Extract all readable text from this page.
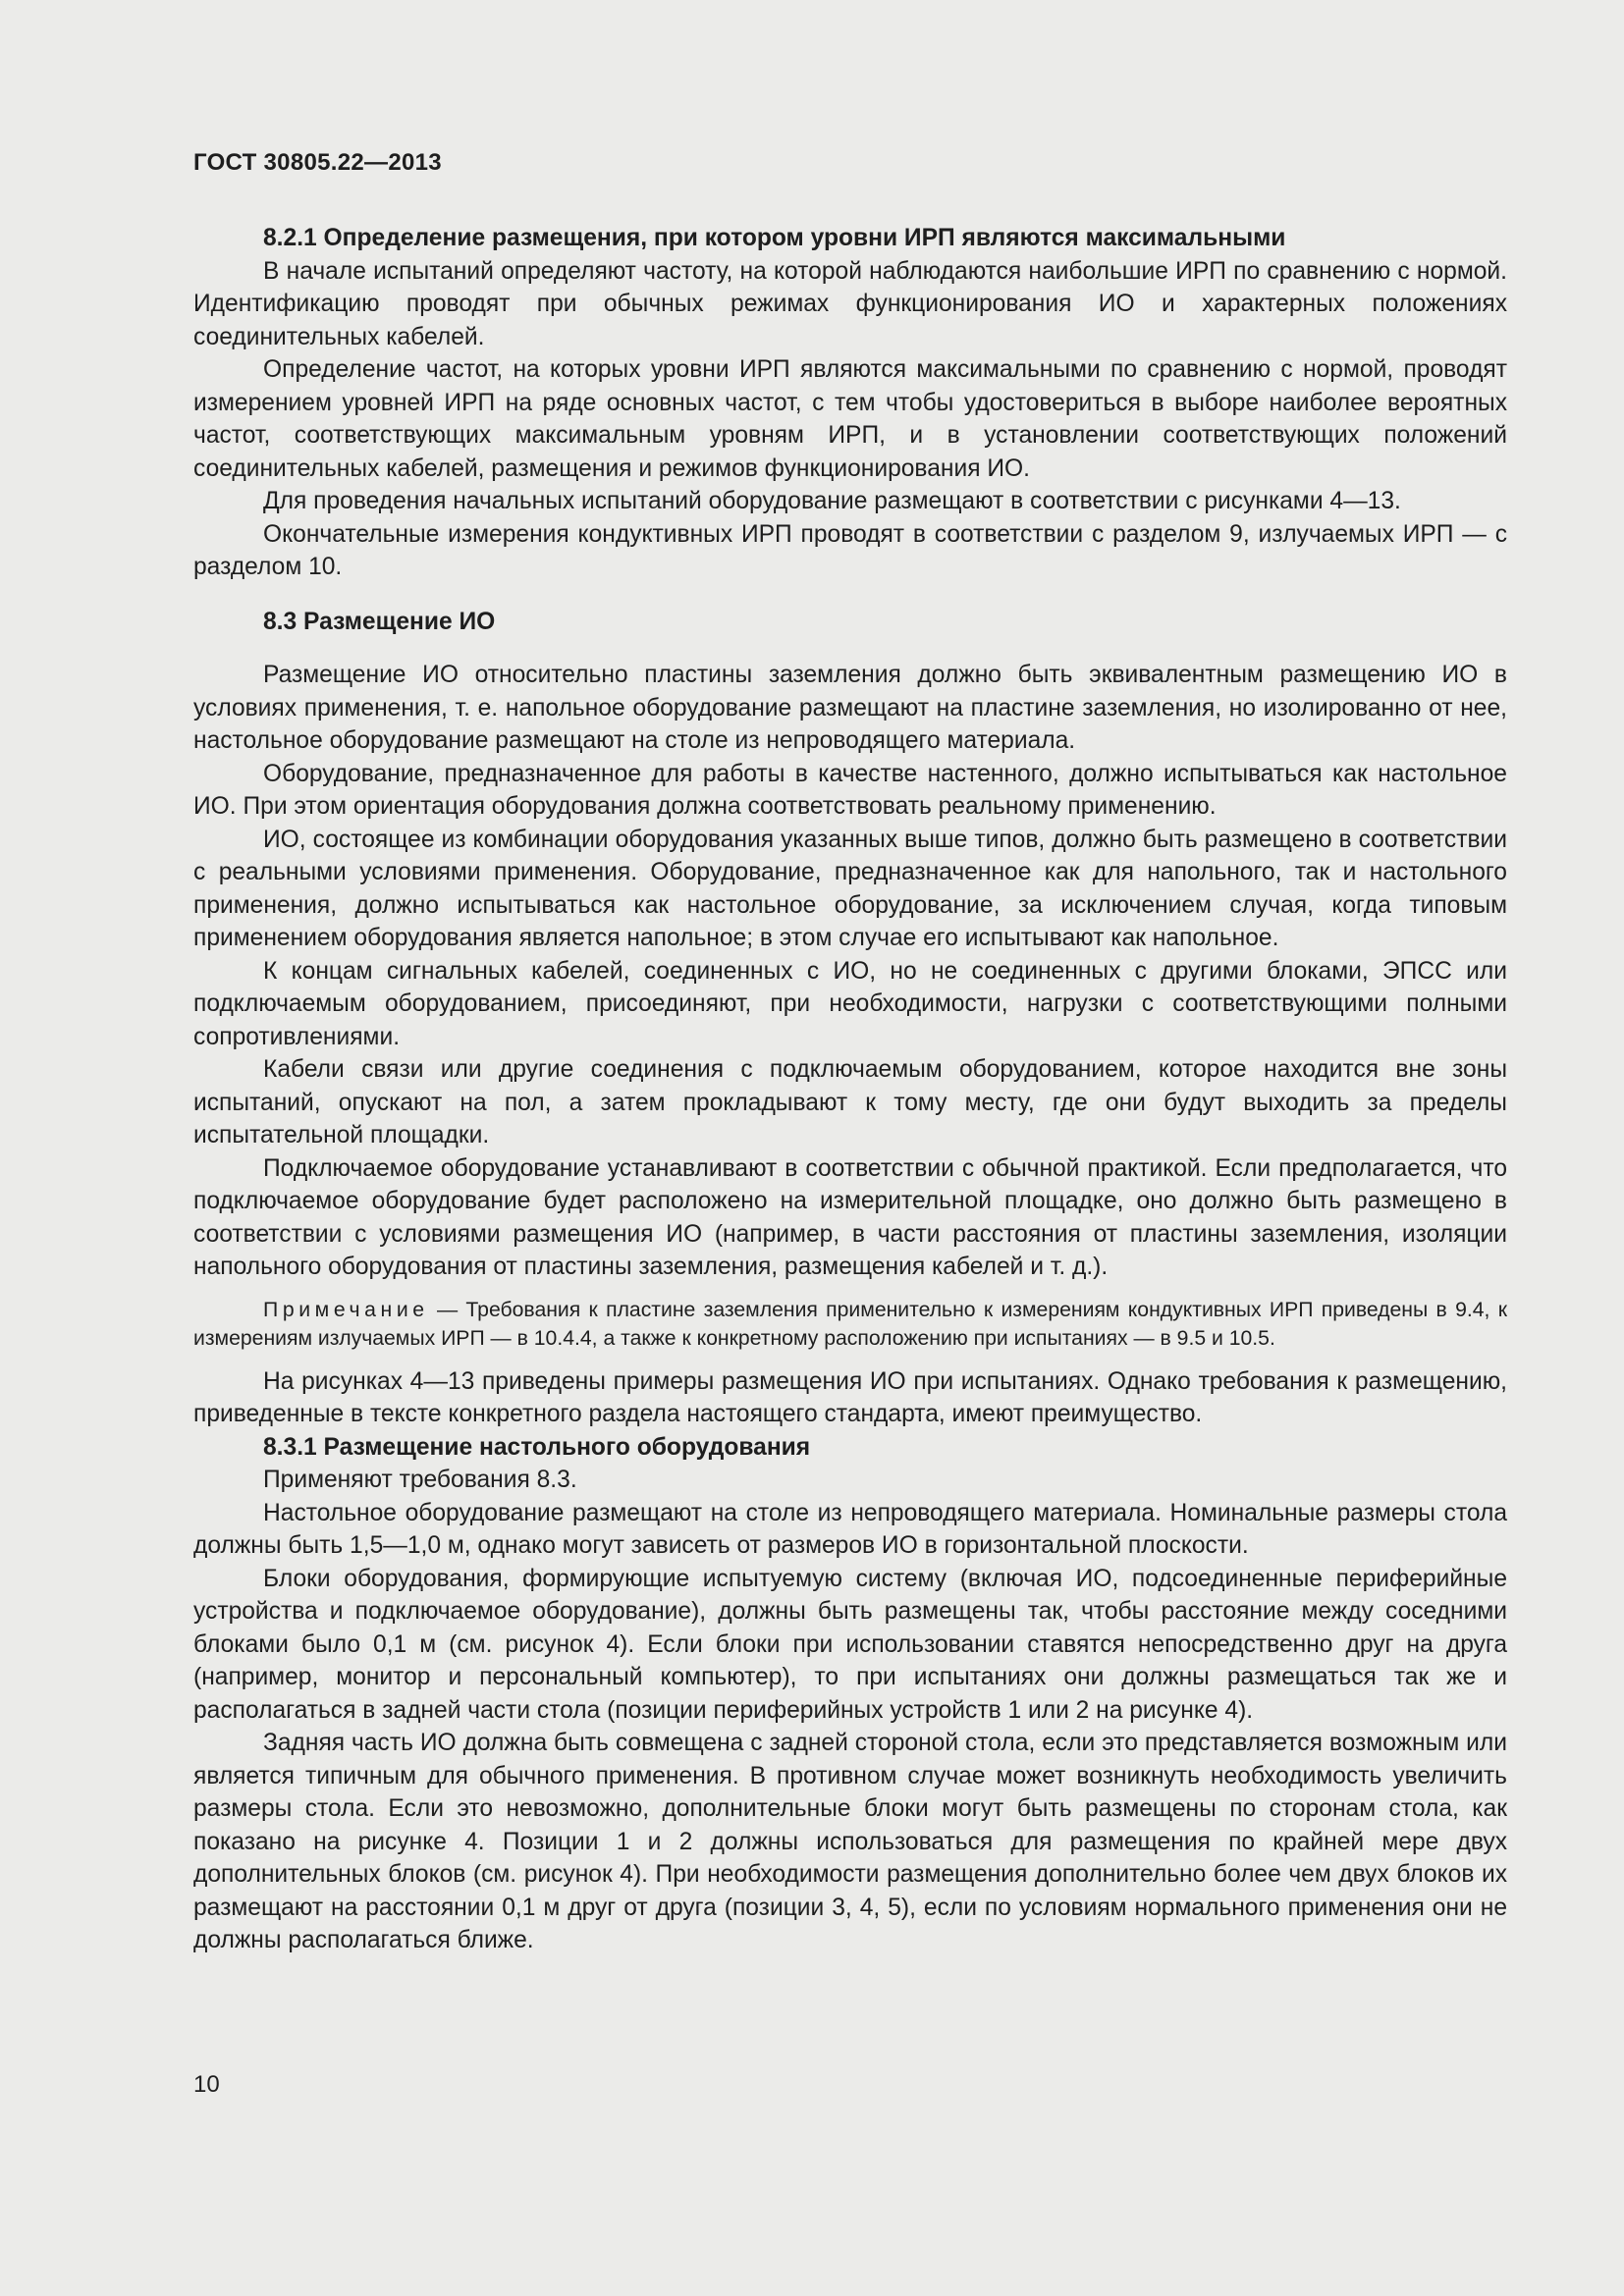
ГОСТ 30805.22—2013

8.2.1 Определение размещения, при котором уровни ИРП являются максимальными

В начале испытаний определяют частоту, на которой наблюдаются наибольшие ИРП по сравнению с нормой. Идентификацию проводят при обычных режимах функционирования ИО и характерных положениях соединительных кабелей.

Определение частот, на которых уровни ИРП являются максимальными по сравнению с нормой, проводят измерением уровней ИРП на ряде основных частот, с тем чтобы удостовериться в выборе наиболее вероятных частот, соответствующих максимальным уровням ИРП, и в установлении соответствующих положений соединительных кабелей, размещения и режимов функционирования ИО.

Для проведения начальных испытаний оборудование размещают в соответствии с рисунками 4—13.

Окончательные измерения кондуктивных ИРП проводят в соответствии с разделом 9, излучаемых ИРП — с разделом 10.

8.3 Размещение ИО

Размещение ИО относительно пластины заземления должно быть эквивалентным размещению ИО в условиях применения, т. е. напольное оборудование размещают на пластине заземления, но изолированно от нее, настольное оборудование размещают на столе из непроводящего материала.

Оборудование, предназначенное для работы в качестве настенного, должно испытываться как настольное ИО. При этом ориентация оборудования должна соответствовать реальному применению.

ИО, состоящее из комбинации оборудования указанных выше типов, должно быть размещено в соответствии с реальными условиями применения. Оборудование, предназначенное как для напольного, так и настольного применения, должно испытываться как настольное оборудование, за исключением случая, когда типовым применением оборудования является напольное; в этом случае его испытывают как напольное.

К концам сигнальных кабелей, соединенных с ИО, но не соединенных с другими блоками, ЭПСС или подключаемым оборудованием, присоединяют, при необходимости, нагрузки с соответствующими полными сопротивлениями.

Кабели связи или другие соединения с подключаемым оборудованием, которое находится вне зоны испытаний, опускают на пол, а затем прокладывают к тому месту, где они будут выходить за пределы испытательной площадки.

Подключаемое оборудование устанавливают в соответствии с обычной практикой. Если предполагается, что подключаемое оборудование будет расположено на измерительной площадке, оно должно быть размещено в соответствии с условиями размещения ИО (например, в части расстояния от пластины заземления, изоляции напольного оборудования от пластины заземления, размещения кабелей и т. д.).

Примечание — Требования к пластине заземления применительно к измерениям кондуктивных ИРП приведены в 9.4, к измерениям излучаемых ИРП — в 10.4.4, а также к конкретному расположению при испытаниях — в 9.5 и 10.5.

На рисунках 4—13 приведены примеры размещения ИО при испытаниях. Однако требования к размещению, приведенные в тексте конкретного раздела настоящего стандарта, имеют преимущество.

8.3.1 Размещение настольного оборудования

Применяют требования 8.3.

Настольное оборудование размещают на столе из непроводящего материала. Номинальные размеры стола должны быть 1,5—1,0 м, однако могут зависеть от размеров ИО в горизонтальной плоскости.

Блоки оборудования, формирующие испытуемую систему (включая ИО, подсоединенные периферийные устройства и подключаемое оборудование), должны быть размещены так, чтобы расстояние между соседними блоками было 0,1 м (см. рисунок 4). Если блоки при использовании ставятся непосредственно друг на друга (например, монитор и персональный компьютер), то при испытаниях они должны размещаться так же и располагаться в задней части стола (позиции периферийных устройств 1 или 2 на рисунке 4).

Задняя часть ИО должна быть совмещена с задней стороной стола, если это представляется возможным или является типичным для обычного применения. В противном случае может возникнуть необходимость увеличить размеры стола. Если это невозможно, дополнительные блоки могут быть размещены по сторонам стола, как показано на рисунке 4. Позиции 1 и 2 должны использоваться для размещения по крайней мере двух дополнительных блоков (см. рисунок 4). При необходимости размещения дополнительно более чем двух блоков их размещают на расстоянии 0,1 м друг от друга (позиции 3, 4, 5), если по условиям нормального применения они не должны располагаться ближе.

10
